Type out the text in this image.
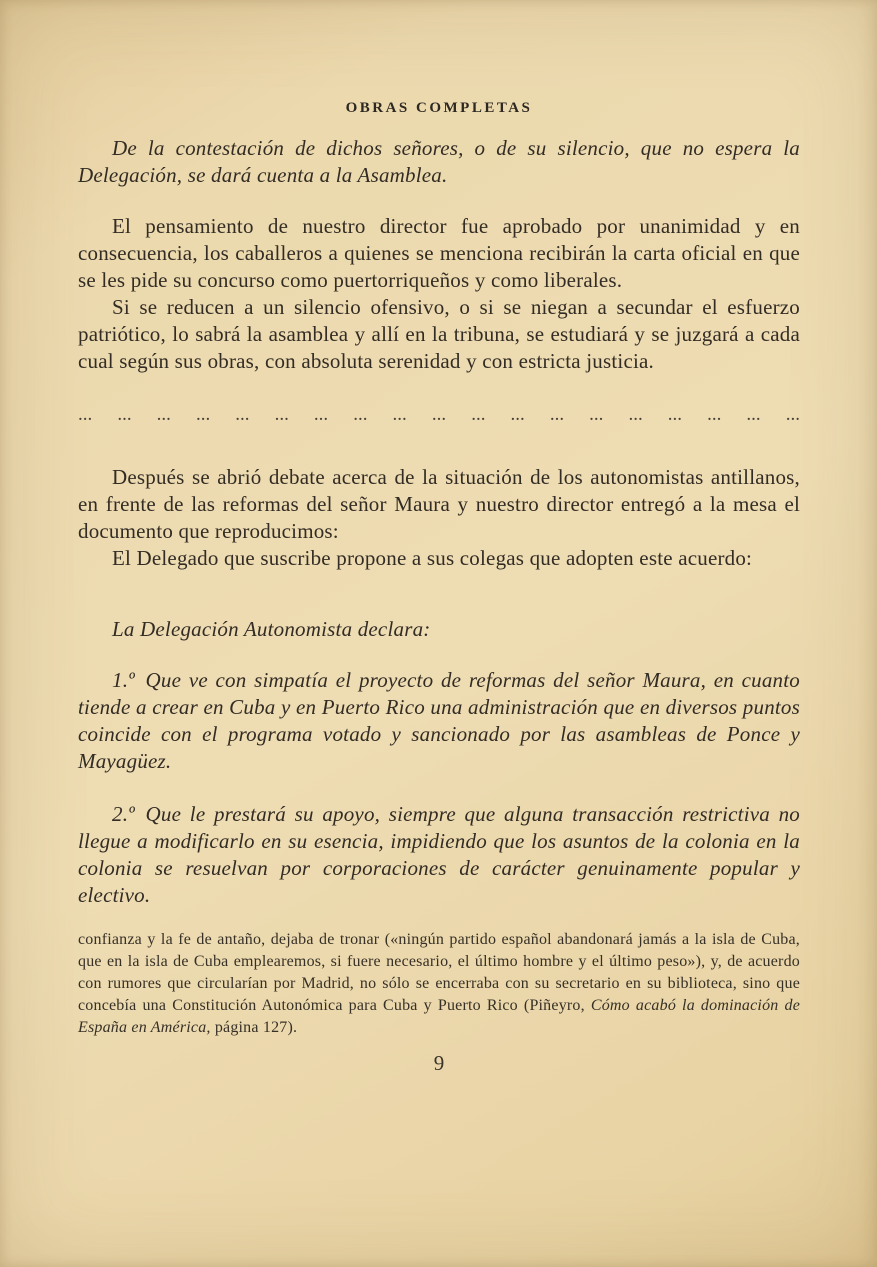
OBRAS COMPLETAS

De la contestación de dichos señores, o de su silencio, que no espera la Delegación, se dará cuenta a la Asamblea.

El pensamiento de nuestro director fue aprobado por unanimidad y en consecuencia, los caballeros a quienes se menciona recibirán la carta oficial en que se les pide su concurso como puertorriqueños y como liberales.

Si se reducen a un silencio ofensivo, o si se niegan a secundar el esfuerzo patriótico, lo sabrá la asamblea y allí en la tribuna, se estudiará y se juzgará a cada cual según sus obras, con absoluta serenidad y con estricta justicia.

... ... ... ... ... ... ... ... ... ... ... ... ... ... ... ... ... ... ...

Después se abrió debate acerca de la situación de los autonomistas antillanos, en frente de las reformas del señor Maura y nuestro director entregó a la mesa el documento que reproducimos:

El Delegado que suscribe propone a sus colegas que adopten este acuerdo:

La Delegación Autonomista declara:

1.º Que ve con simpatía el proyecto de reformas del señor Maura, en cuanto tiende a crear en Cuba y en Puerto Rico una administración que en diversos puntos coincide con el programa votado y sancionado por las asambleas de Ponce y Mayagüez.

2.º Que le prestará su apoyo, siempre que alguna transacción restrictiva no llegue a modificarlo en su esencia, impidiendo que los asuntos de la colonia en la colonia se resuelvan por corporaciones de carácter genuinamente popular y electivo.

confianza y la fe de antaño, dejaba de tronar («ningún partido español abandonará jamás a la isla de Cuba, que en la isla de Cuba emplearemos, si fuere necesario, el último hombre y el último peso»), y, de acuerdo con rumores que circularían por Madrid, no sólo se encerraba con su secretario en su biblioteca, sino que concebía una Constitución Autonómica para Cuba y Puerto Rico (Piñeyro, Cómo acabó la dominación de España en América, página 127).
9
